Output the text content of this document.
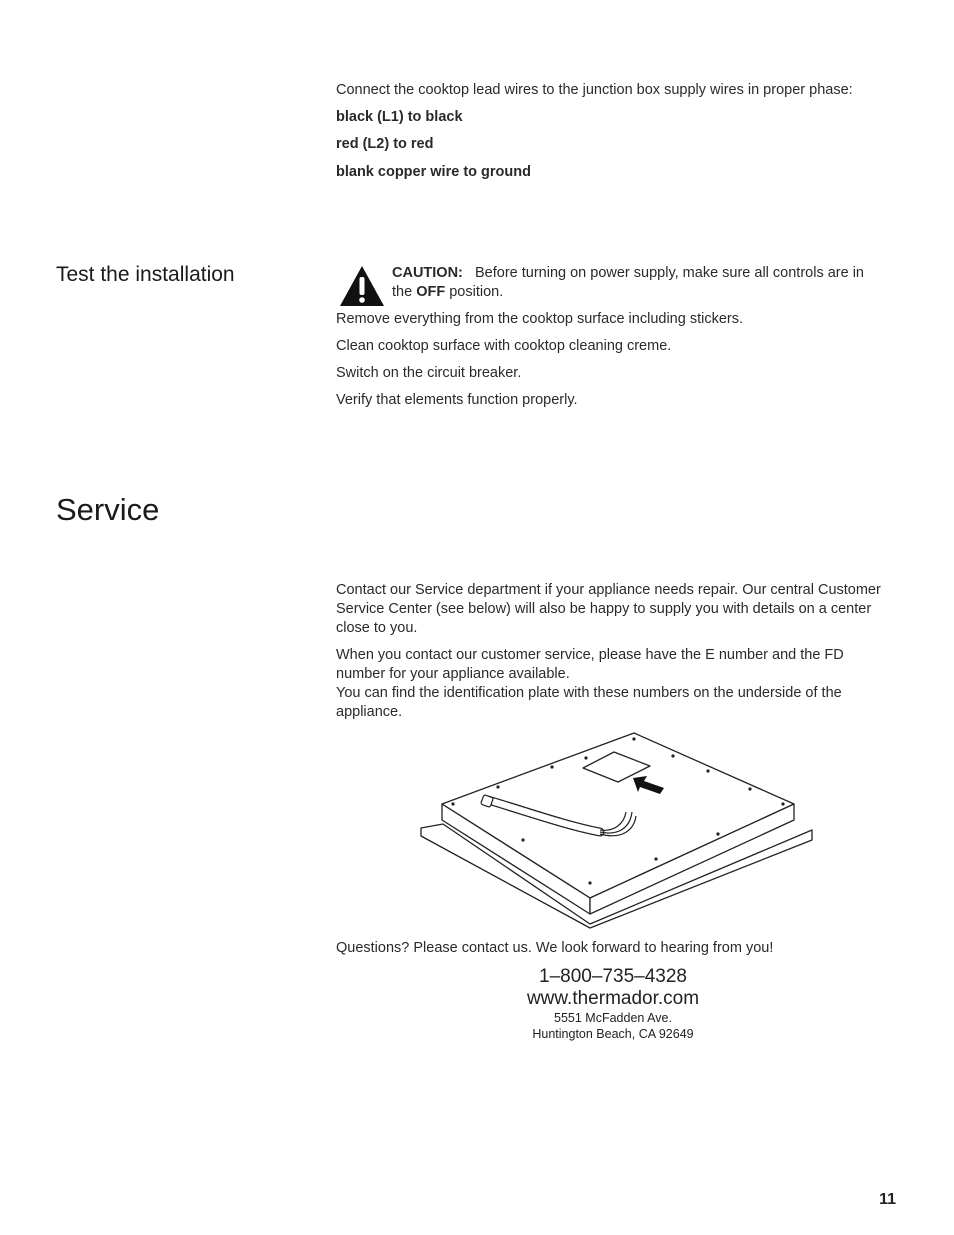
Connect the cooktop lead wires to the junction box supply wires in proper phase:

black (L1) to black

red (L2) to red

blank copper wire to ground

Test the installation	CAUTION: Before turning on power supply, make sure all controls are in

the OFF position.

Remove everything from the cooktop surface including stickers.

Clean cooktop surface with cooktop cleaning creme.

Switch on the circuit breaker.

Verify that elements function properly.

Service

Contact our Service department if your appliance needs repair. Our central Customer

Service Center (see below) will also be happy to supply you with details on a center

close to you.

When you contact our customer service, please have the E number and the FD

number for your appliance available.

You can find the identification plate with these numbers on the underside of the

appliance.

Questions? Please contact us. We look forward to hearing from you!

1–800–735–4328
www.thermador.com
5551 McFadden Ave.
Huntington Beach, CA 92649
11
